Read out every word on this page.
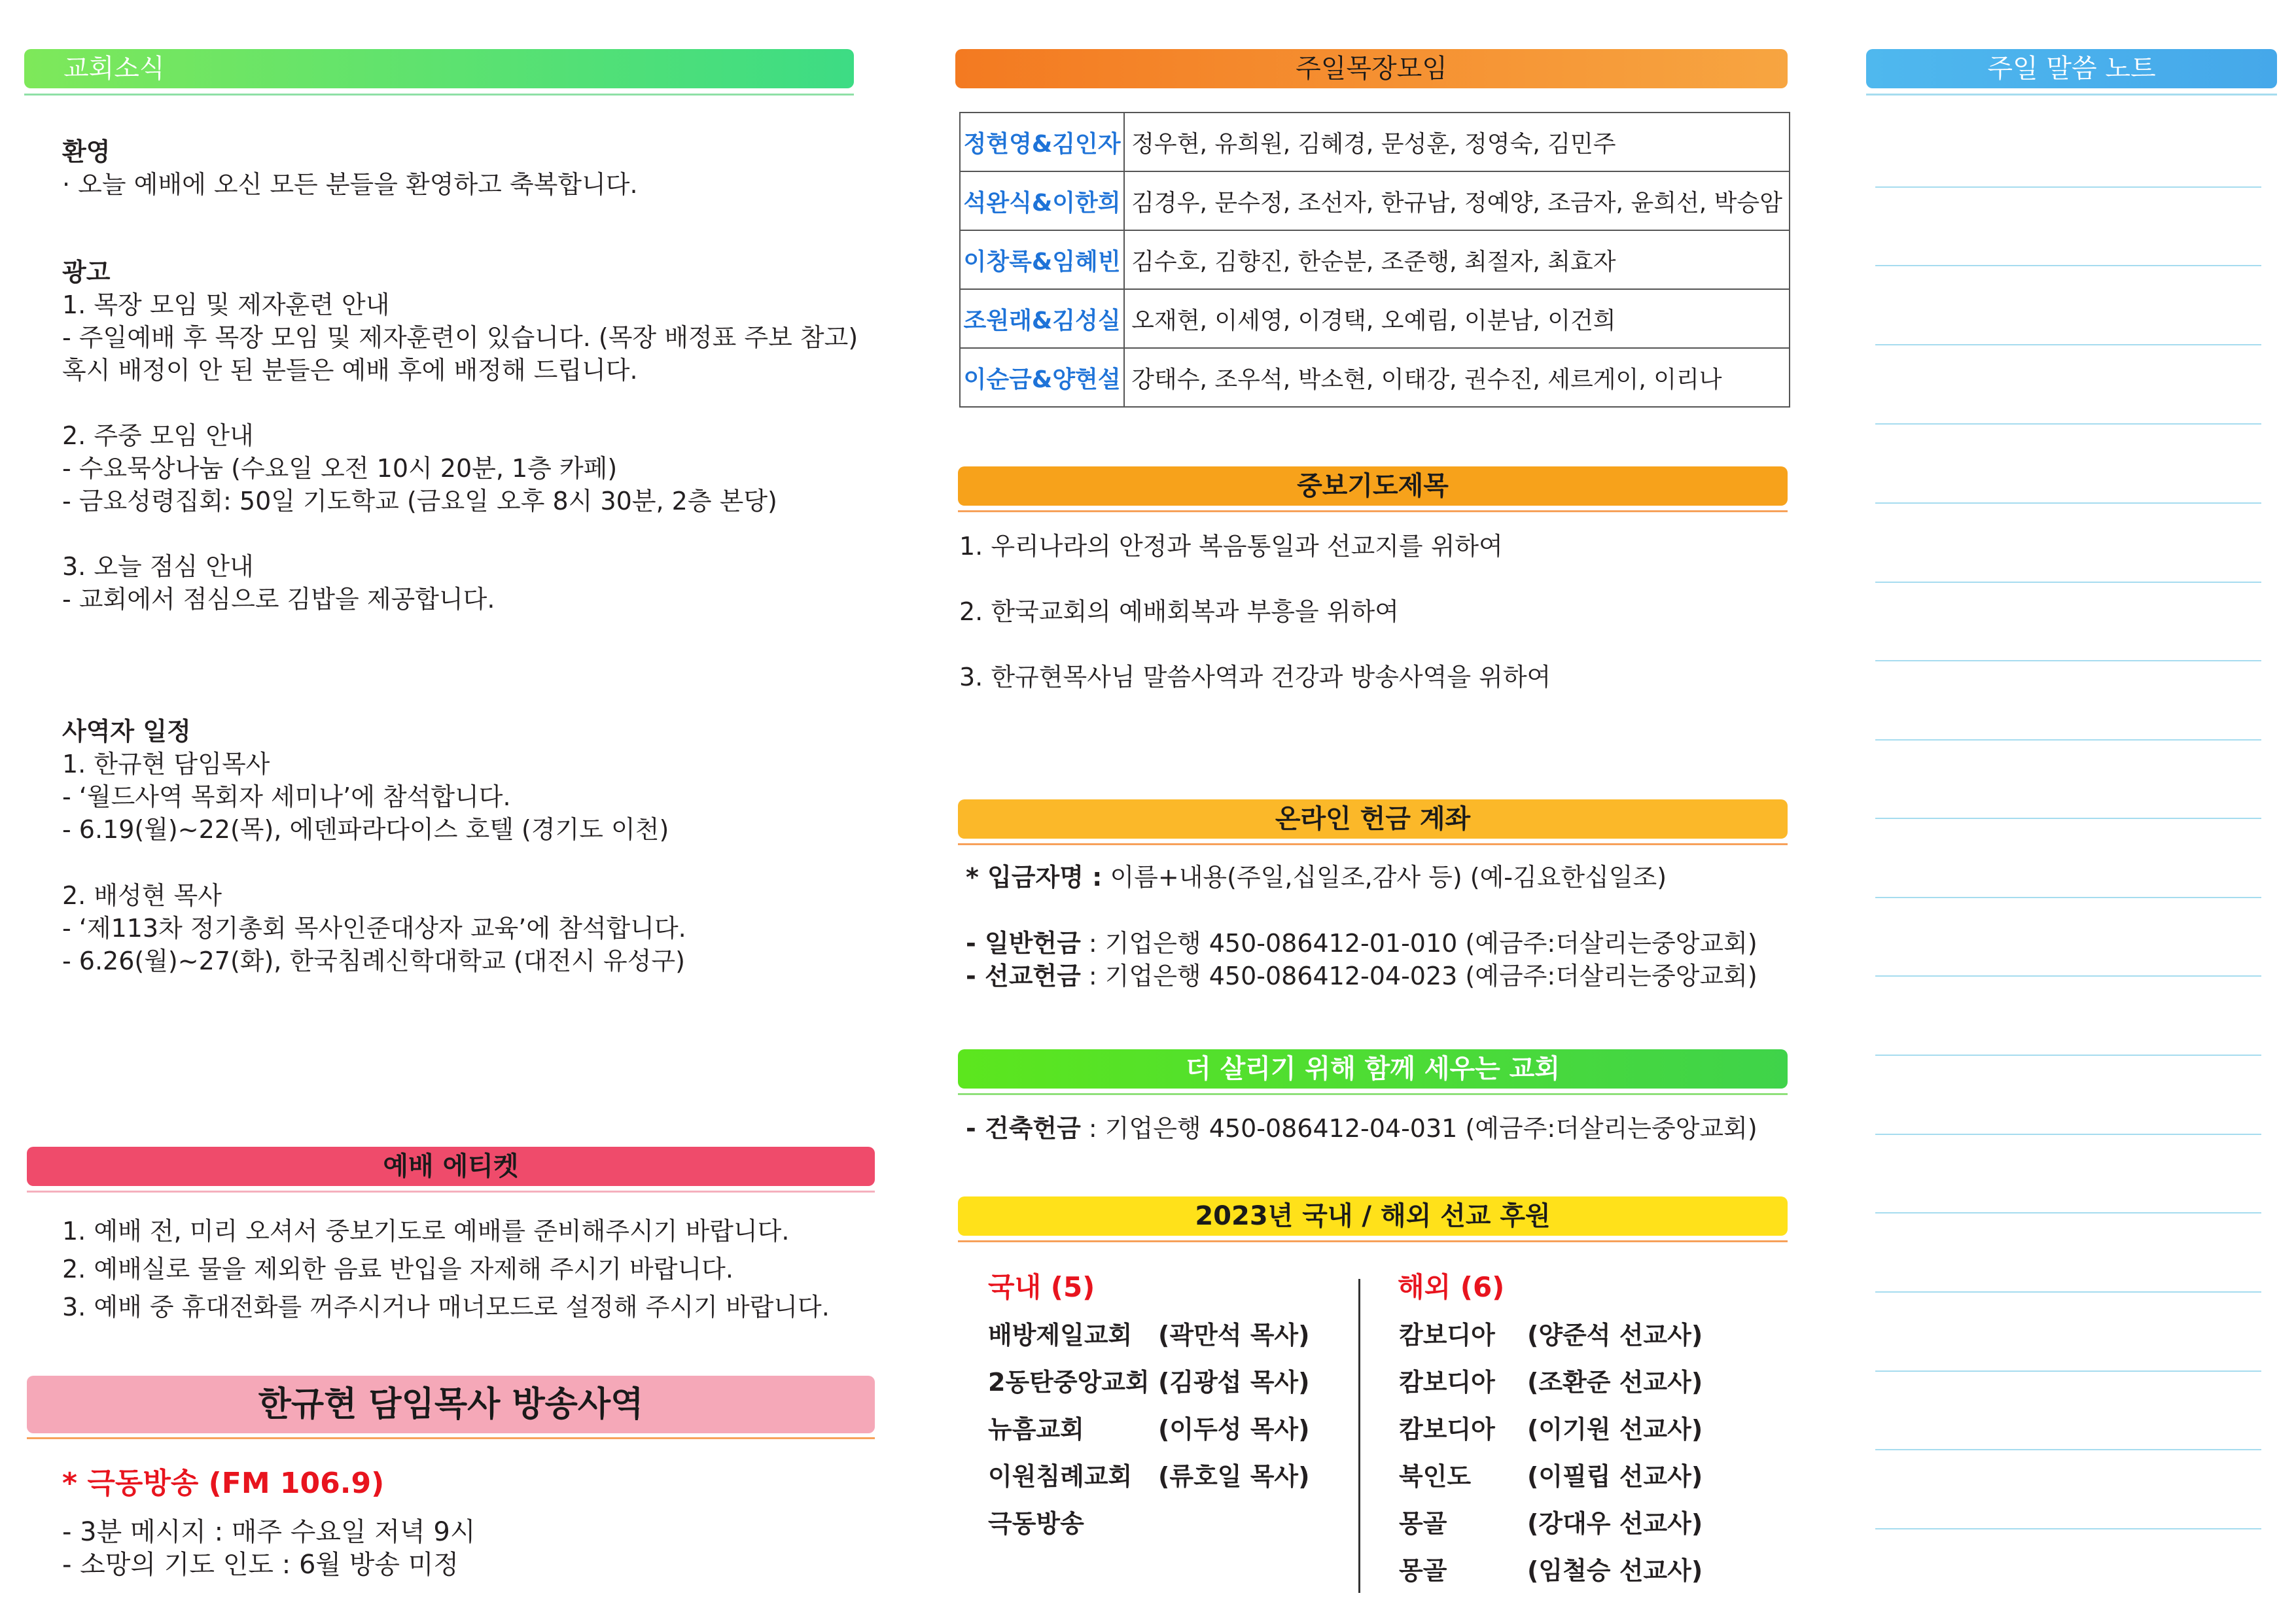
교회소식
환영
· 오늘 예배에 오신 모든 분들을 환영하고 축복합니다.
광고
1. 목장 모임 및 제자훈련 안내
- 주일예배 후 목장 모임 및 제자훈련이 있습니다. (목장 배정표 주보 참고)
혹시 배정이 안 된 분들은 예배 후에 배정해 드립니다.
2. 주중 모임 안내
- 수요묵상나눔 (수요일 오전 10시 20분, 1층 카페)
- 금요성령집회: 50일 기도학교 (금요일 오후 8시 30분, 2층 본당)
3. 오늘 점심 안내
- 교회에서 점심으로 김밥을 제공합니다.
사역자 일정
1. 한규현 담임목사
- ‘월드사역 목회자 세미나’에 참석합니다.
- 6.19(월)~22(목), 에덴파라다이스 호텔 (경기도 이천)
2. 배성현 목사
- ‘제113차 정기총회 목사인준대상자 교육’에 참석합니다.
- 6.26(월)~27(화), 한국침례신학대학교 (대전시 유성구)
예배 에티켓
1. 예배 전, 미리 오셔서 중보기도로 예배를 준비해주시기 바랍니다.
2. 예배실로 물을 제외한 음료 반입을 자제해 주시기 바랍니다.
3. 예배 중 휴대전화를 꺼주시거나 매너모드로 설정해 주시기 바랍니다.
한규현 담임목사 방송사역
* 극동방송 (FM 106.9)
- 3분 메시지 : 매주 수요일 저녁 9시
- 소망의 기도 인도 : 6월 방송 미정
주일목장모임
정현영&김인자	정우현, 유희원, 김혜경, 문성훈, 정영숙, 김민주
석완식&이한희	김경우, 문수정, 조선자, 한규남, 정예양, 조금자, 윤희선, 박승암
이창록&임혜빈	김수호, 김향진, 한순분, 조준행, 최절자, 최효자
조원래&김성실	오재현, 이세영, 이경택, 오예림, 이분남, 이건희
이순금&양현설	강태수, 조우석, 박소현, 이태강, 권수진, 세르게이, 이리나
중보기도제목
1. 우리나라의 안정과 복음통일과 선교지를 위하여
2. 한국교회의 예배회복과 부흥을 위하여
3. 한규현목사님 말씀사역과 건강과 방송사역을 위하여
온라인 헌금 계좌
* 입금자명 : 이름+내용(주일,십일조,감사 등) (예-김요한십일조)
- 일반헌금 : 기업은행 450-086412-01-010 (예금주:더살리는중앙교회)
- 선교헌금 : 기업은행 450-086412-04-023 (예금주:더살리는중앙교회)
더 살리기 위해 함께 세우는 교회
- 건축헌금 : 기업은행 450-086412-04-031 (예금주:더살리는중앙교회)
2023년 국내 / 해외 선교 후원
국내 (5)
배방제일교회 (곽만석 목사)
2동탄중앙교회 (김광섭 목사)
뉴흠교회	(이두성 목사)
이원침례교회 (류호일 목사)
극동방송
해외 (6)
캄보디아 (양준석 선교사)
캄보디아 (조환준 선교사)
캄보디아 (이기원 선교사)
북인도 (이필립 선교사)
몽골	(강대우 선교사)
몽골	(임철승 선교사)
주일 말씀 노트
